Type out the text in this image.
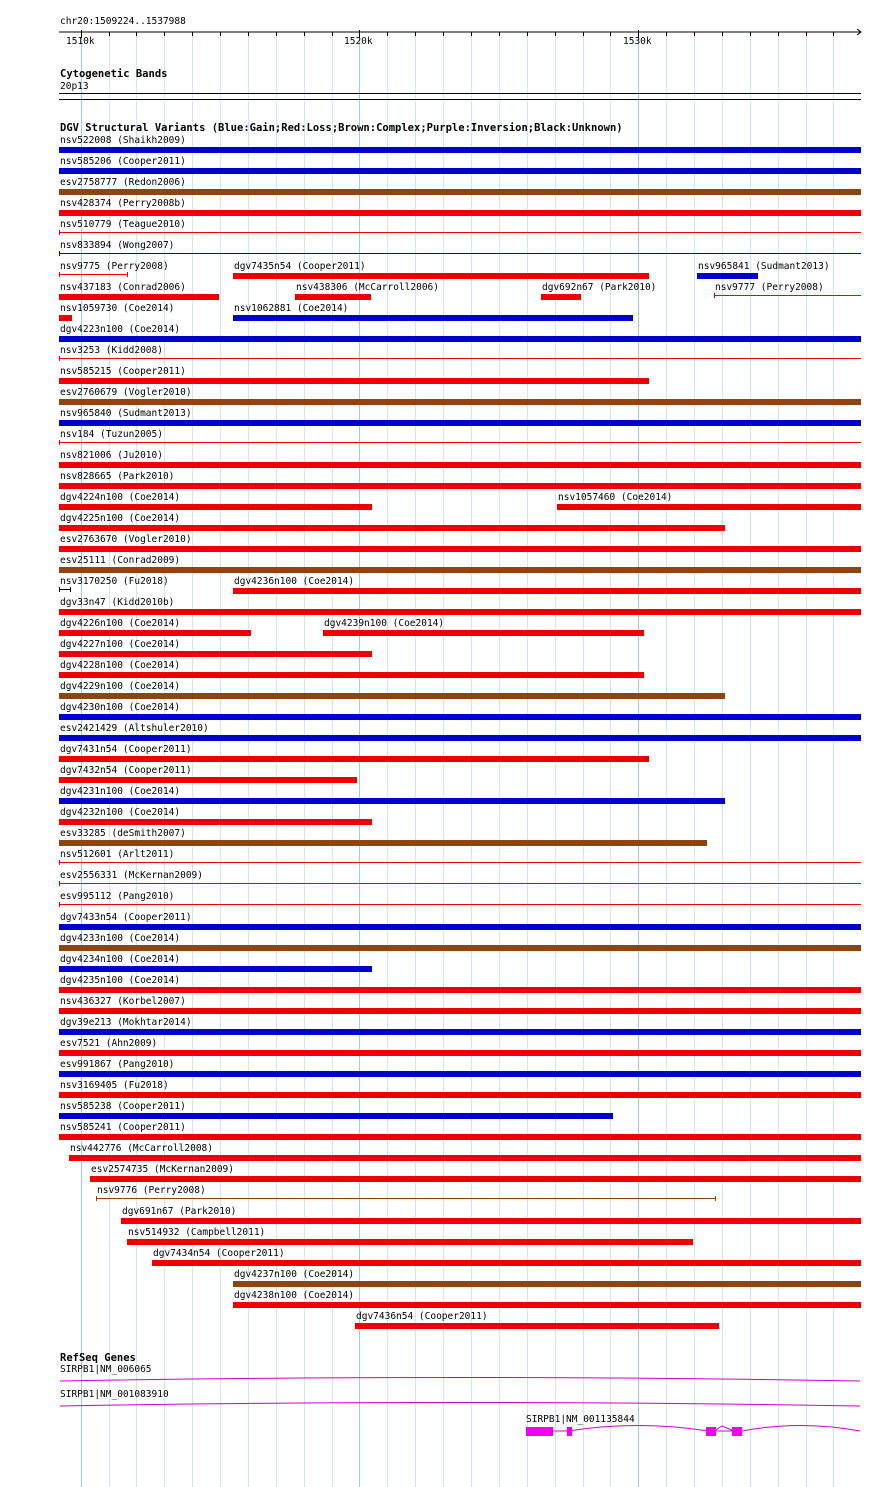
chr20:1509224..1537988
1510k	1520k	1530k
Cytogenetic Bands
20p13
DGV Structural Variants (Blue:Gain;Red:Loss;Brown:Complex;Purple:Inversion;Black:Unknown)
nsv522008 (Shaikh2009)
nsv585206 (Cooper2011)
esv2758777 (Redon2006)
nsv428374 (Perry2008b)
nsv510779 (Teague2010)
nsv833894 (Wong2007)
nsv9775 (Perry2008)	dgv7435n54 (Cooper2011)	nsv965841 (Sudmant2013)
nsv437183 (Conrad2006)	nsv438306 (McCarroll2006)	dgv692n67 (Park2010)	nsv9777 (Perry2008)
nsv1059730 (Coe2014)	nsv1062881 (Coe2014)
dgv4223n100 (Coe2014)
nsv3253 (Kidd2008)
nsv585215 (Cooper2011)
esv2760679 (Vogler2010)
nsv965840 (Sudmant2013)
nsv184 (Tuzun2005)
nsv821006 (Ju2010)
nsv828665 (Park2010)
dgv4224n100 (Coe2014)	nsv1057460 (Coe2014)
dgv4225n100 (Coe2014)
esv2763670 (Vogler2010)
esv25111 (Conrad2009)
nsv3170250 (Fu2018)	dgv4236n100 (Coe2014)
dgv33n47 (Kidd2010b)
dgv4226n100 (Coe2014)	dgv4239n100 (Coe2014)
dgv4227n100 (Coe2014)
dgv4228n100 (Coe2014)
dgv4229n100 (Coe2014)
dgv4230n100 (Coe2014)
esv2421429 (Altshuler2010)
dgv7431n54 (Cooper2011)
dgv7432n54 (Cooper2011)
dgv4231n100 (Coe2014)
dgv4232n100 (Coe2014)
esv33285 (deSmith2007)
nsv512601 (Arlt2011)
esv2556331 (McKernan2009)
esv995112 (Pang2010)
dgv7433n54 (Cooper2011)
dgv4233n100 (Coe2014)
dgv4234n100 (Coe2014)
dgv4235n100 (Coe2014)
nsv436327 (Korbel2007)
dgv39e213 (Mokhtar2014)
esv7521 (Ahn2009)
esv991867 (Pang2010)
nsv3169405 (Fu2018)
nsv585238 (Cooper2011)
nsv585241 (Cooper2011)
nsv442776 (McCarroll2008)
esv2574735 (McKernan2009)
nsv9776 (Perry2008)
dgv691n67 (Park2010)
nsv514932 (Campbell2011)
dgv7434n54 (Cooper2011)
dgv4237n100 (Coe2014)
dgv4238n100 (Coe2014)
dgv7436n54 (Cooper2011)
RefSeq Genes
SIRPB1|NM_006065
SIRPB1|NM_001083910
SIRPB1|NM_001135844
